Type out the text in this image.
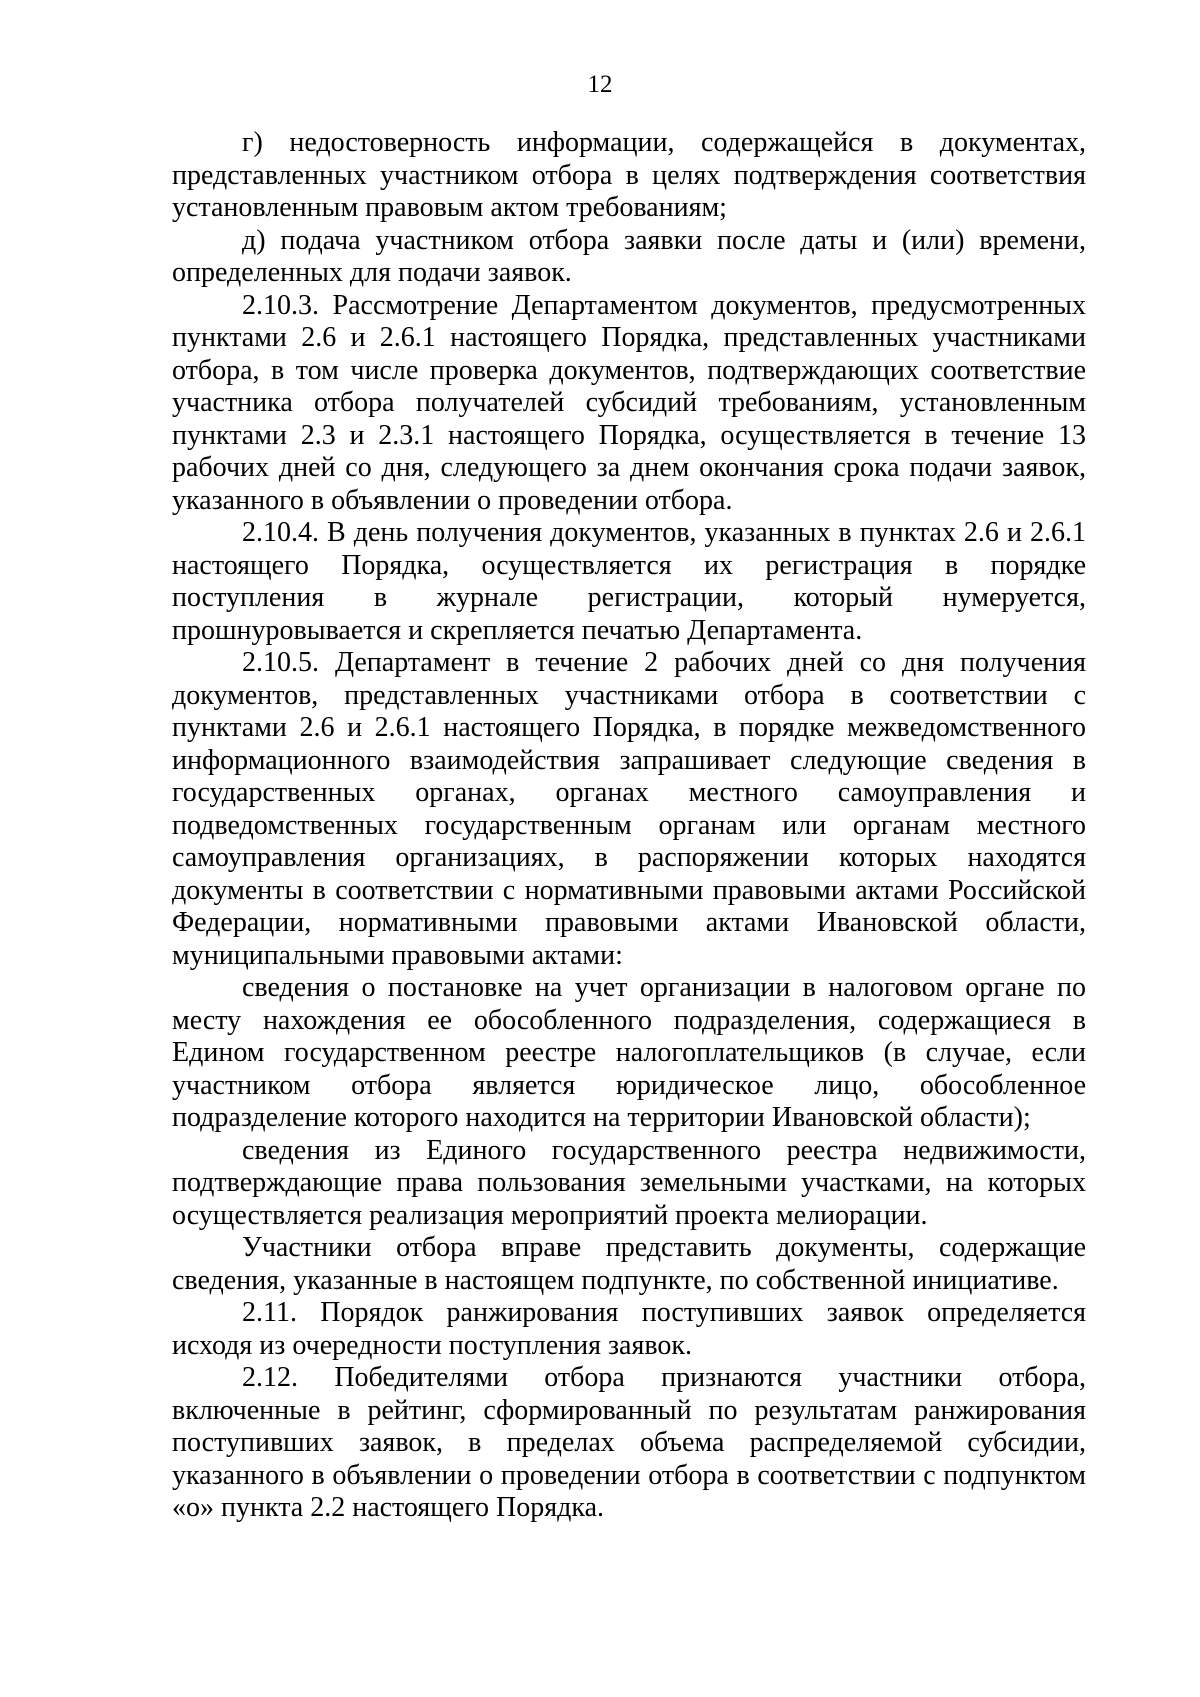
12

г) недостоверность информации, содержащейся в документах, представленных участником отбора в целях подтверждения соответствия установленным правовым актом требованиям;

д) подача участником отбора заявки после даты и (или) времени, определенных для подачи заявок.

2.10.3. Рассмотрение Департаментом документов, предусмотренных пунктами 2.6 и 2.6.1 настоящего Порядка, представленных участниками отбора, в том числе проверка документов, подтверждающих соответствие участника отбора получателей субсидий требованиям, установленным пунктами 2.3 и 2.3.1 настоящего Порядка, осуществляется в течение 13 рабочих дней со дня, следующего за днем окончания срока подачи заявок, указанного в объявлении о проведении отбора.

2.10.4. В день получения документов, указанных в пунктах 2.6 и 2.6.1 настоящего Порядка, осуществляется их регистрация в порядке поступления в журнале регистрации, который нумеруется, прошнуровывается и скрепляется печатью Департамента.

2.10.5. Департамент в течение 2 рабочих дней со дня получения документов, представленных участниками отбора в соответствии с пунктами 2.6 и 2.6.1 настоящего Порядка, в порядке межведомственного информационного взаимодействия запрашивает следующие сведения в государственных органах, органах местного самоуправления и подведомственных государственным органам или органам местного самоуправления организациях, в распоряжении которых находятся документы в соответствии с нормативными правовыми актами Российской Федерации, нормативными правовыми актами Ивановской области, муниципальными правовыми актами:

сведения о постановке на учет организации в налоговом органе по месту нахождения ее обособленного подразделения, содержащиеся в Едином государственном реестре налогоплательщиков (в случае, если участником отбора является юридическое лицо, обособленное подразделение которого находится на территории Ивановской области);

сведения из Единого государственного реестра недвижимости, подтверждающие права пользования земельными участками, на которых осуществляется реализация мероприятий проекта мелиорации.

Участники отбора вправе представить документы, содержащие сведения, указанные в настоящем подпункте, по собственной инициативе.

2.11. Порядок ранжирования поступивших заявок определяется исходя из очередности поступления заявок.

2.12. Победителями отбора признаются участники отбора, включенные в рейтинг, сформированный по результатам ранжирования поступивших заявок, в пределах объема распределяемой субсидии, указанного в объявлении о проведении отбора в соответствии с подпунктом «о» пункта 2.2 настоящего Порядка.
